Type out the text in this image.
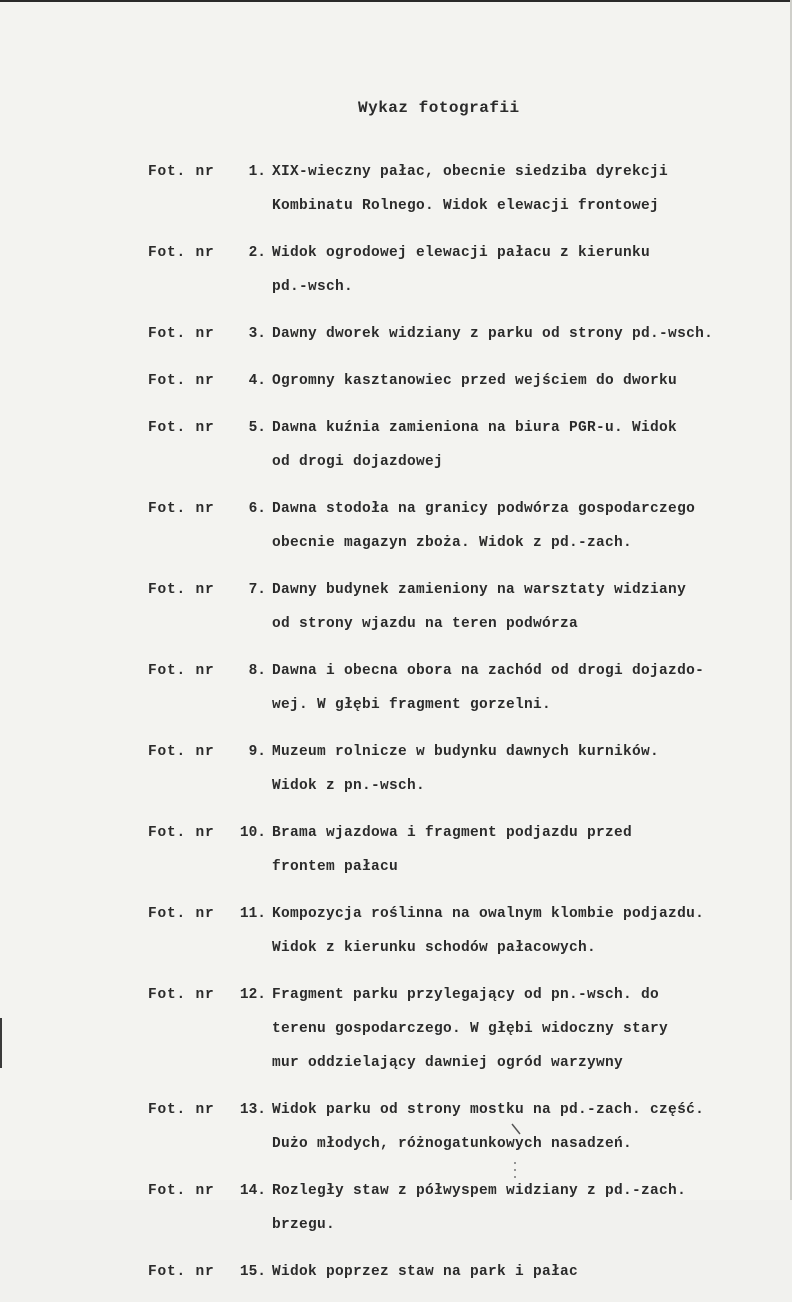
Wykaz fotografii
Fot. nr	1. XIX-wieczny pałac, obecnie siedziba dyrekcji
Kombinatu Rolnego. Widok elewacji frontowej
Fot. nr	2. Widok ogrodowej elewacji pałacu z kierunku
pd.-wsch.
Fot. nr	3. Dawny dworek widziany z parku od strony pd.-wsch.
Fot. nr	4. Ogromny kasztanowiec przed wejściem do dworku
Fot. nr	5. Dawna kuźnia zamieniona na biura PGR-u. Widok
od drogi dojazdowej
Fot. nr	6. Dawna stodoła na granicy podwórza gospodarczego
obecnie magazyn zboża. Widok z pd.-zach.
Fot. nr	7. Dawny budynek zamieniony na warsztaty widziany
od strony wjazdu na teren podwórza
Fot. nr	8. Dawna i obecna obora na zachód od drogi dojazdo-
wej. W głębi fragment gorzelni.
Fot. nr	9. Muzeum rolnicze w budynku dawnych kurników.
Widok z pn.-wsch.
Fot. nr	10. Brama wjazdowa i fragment podjazdu przed
frontem pałacu
Fot. nr	11. Kompozycja roślinna na owalnym klombie podjazdu.
Widok z kierunku schodów pałacowych.
Fot. nr	12. Fragment parku przylegający od pn.-wsch. do
terenu gospodarczego. W głębi widoczny stary
mur oddzielający dawniej ogród warzywny
Fot. nr	13. Widok parku od strony mostku na pd.-zach. część.
Dużo młodych, różnogatunkowych nasadzeń.
Fot. nr	14. Rozległy staw z półwyspem widziany z pd.-zach.
brzegu.
Fot. nr	15. Widok poprzez staw na park i pałac
